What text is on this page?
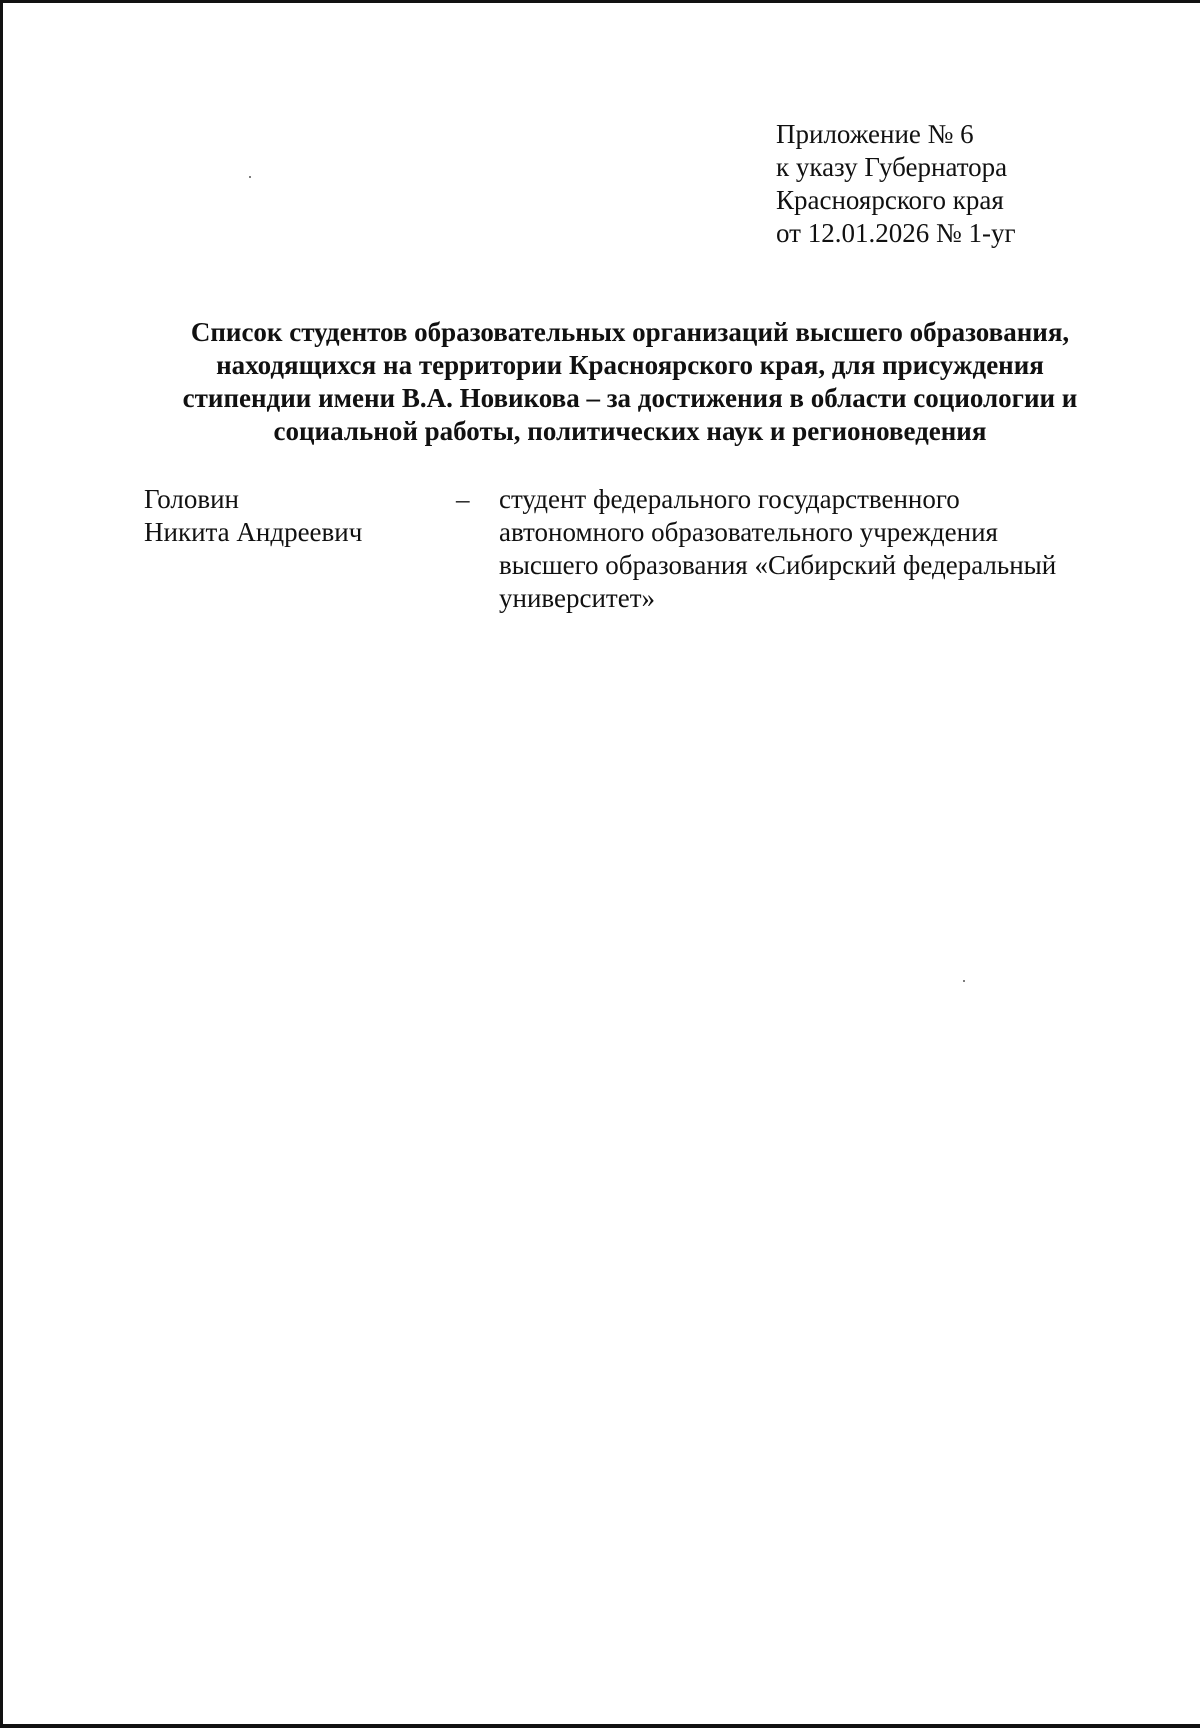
Приложение № 6
к указу Губернатора
Красноярского края
от 12.01.2026 № 1-уг
Список студентов образовательных организаций высшего образования,
находящихся на территории Красноярского края, для присуждения
стипендии имени В.А. Новикова – за достижения в области социологии и
социальной работы, политических наук и регионоведения
Головин
Никита Андреевич
– студент федерального государственного
автономного образовательного учреждения
высшего образования «Сибирский федеральный
университет»
